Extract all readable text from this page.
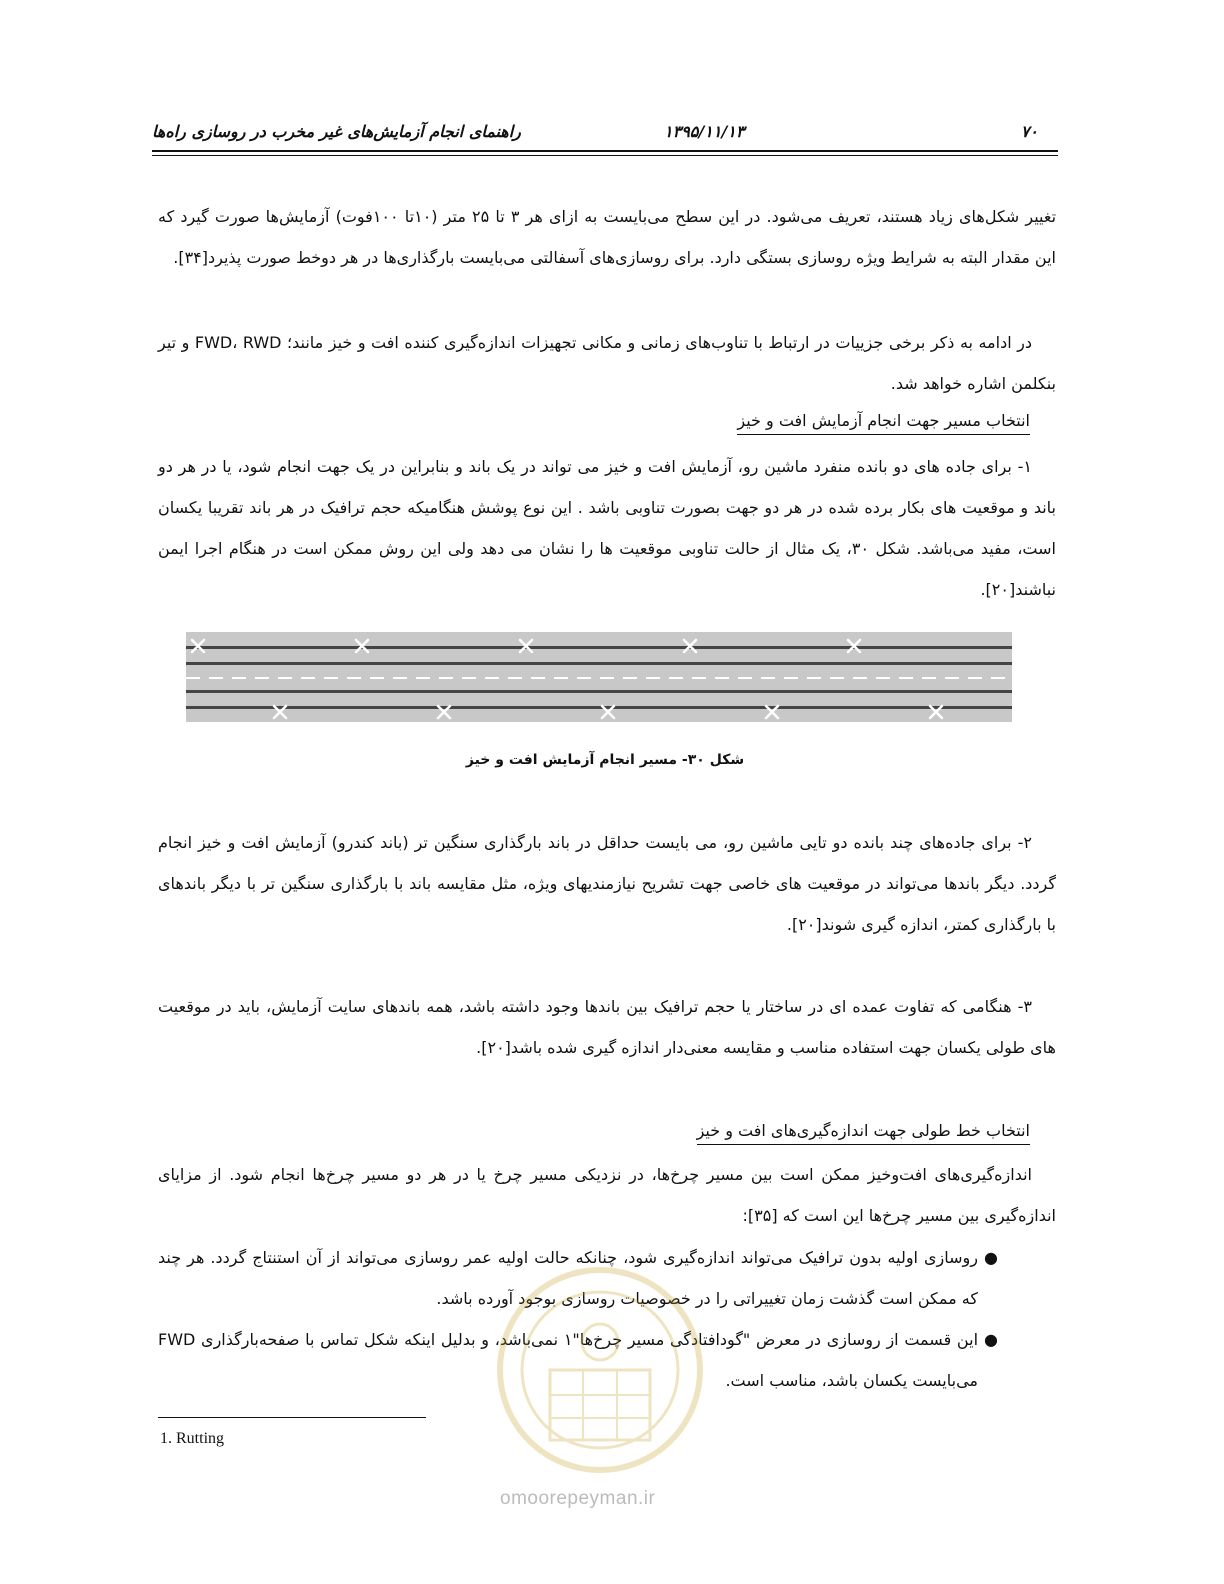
۷۰
۱۳۹۵/۱۱/۱۳
راهنمای انجام آزمایش‌های غیر مخرب در روسازی راه‌ها

تغییر شکل‌های زیاد هستند، تعریف می‌شود. در این سطح می‌بایست به ازای هر ۳ تا ۲۵ متر (۱۰تا ۱۰۰فوت) آزمایش‌ها صورت گیرد که این مقدار البته به شرایط ویژه روسازی بستگی دارد. برای روسازی‌های آسفالتی می‌بایست بارگذاری‌ها در هر دوخط صورت پذیرد[۳۴].

در ادامه به ذکر برخی جزییات در ارتباط با تناوب‌های زمانی و مکانی تجهیزات اندازه‌گیری کننده افت و خیز مانند؛ FWD، RWD و تیر بنکلمن اشاره خواهد شد.

انتخاب مسیر جهت انجام آزمایش افت و خیز

۱- برای جاده های دو بانده منفرد ماشین رو، آزمایش افت و خیز می تواند در یک باند و بنابراین در یک جهت انجام شود، یا در هر دو باند و موقعیت های بکار برده شده در هر دو جهت بصورت تناوبی باشد . این نوع پوشش هنگامیکه حجم ترافیک در هر باند تقریبا یکسان است، مفید می‌باشد. شکل ۳۰، یک مثال از حالت تناوبی موقعیت ها را نشان می دهد ولی این روش ممکن است در هنگام اجرا ایمن نباشند[۲۰].

شکل ۳۰- مسیر انجام آزمایش افت و خیز

۲- برای جاده‌های چند بانده دو تایی ماشین رو، می بایست حداقل در باند بارگذاری سنگین تر (باند کندرو) آزمایش افت و خیز انجام گردد. دیگر باندها می‌تواند در موقعیت های خاصی جهت تشریح نیازمندیهای ویژه، مثل مقایسه باند با بارگذاری سنگین تر با دیگر باندهای با بارگذاری کمتر، اندازه گیری شوند[۲۰].

۳- هنگامی که تفاوت عمده ای در ساختار یا حجم ترافیک بین باندها وجود داشته باشد، همه باندهای سایت آزمایش، باید در موقعیت های طولی یکسان جهت استفاده مناسب و مقایسه معنی‌دار اندازه گیری شده باشد[۲۰].

انتخاب خط طولی جهت اندازه‌گیری‌های افت و خیز

اندازه‌گیری‌های افت‌وخیز ممکن است بین مسیر چرخ‌ها، در نزدیکی مسیر چرخ یا در هر دو مسیر چرخ‌ها انجام شود. از مزایای اندازه‌گیری بین مسیر چرخ‌ها این است که [۳۵]:

●
روسازی اولیه بدون ترافیک می‌تواند اندازه‌گیری شود، چنانکه حالت اولیه عمر روسازی می‌تواند از آن استنتاج گردد. هر چند که ممکن است گذشت زمان تغییراتی را در خصوصیات روسازی بوجود آورده باشد.
●
این قسمت از روسازی در معرض "گودافتادگی مسیر چرخ‌ها"۱ نمی‌باشد، و بدلیل اینکه شکل تماس با صفحه‌بارگذاری FWD می‌بایست یکسان باشد، مناسب است.
1. Rutting
omoorepeyman.ir
